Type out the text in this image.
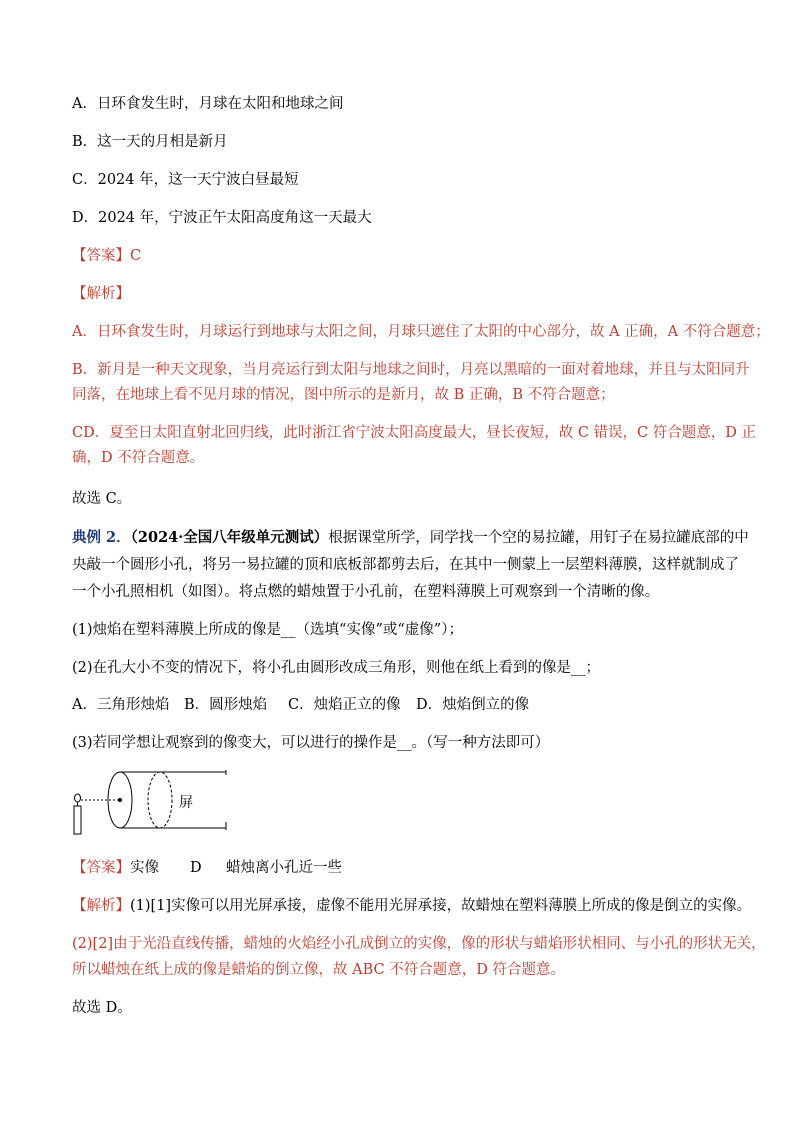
A．日环食发生时，月球在太阳和地球之间
B．这一天的月相是新月
C．2024 年，这一天宁波白昼最短
D．2024 年，宁波正午太阳高度角这一天最大
【答案】C
【解析】
A．日环食发生时，月球运行到地球与太阳之间，月球只遮住了太阳的中心部分，故 A 正确，A 不符合题意；
B．新月是一种天文现象，当月亮运行到太阳与地球之间时，月亮以黑暗的一面对着地球，并且与太阳同升
同落，在地球上看不见月球的情况，图中所示的是新月，故 B 正确，B 不符合题意；
CD．夏至日太阳直射北回归线，此时浙江省宁波太阳高度最大，昼长夜短，故 C 错误，C 符合题意，D 正
确，D 不符合题意。
故选 C。
典例 2．（2024·全国八年级单元测试）根据课堂所学，同学找一个空的易拉罐，用钉子在易拉罐底部的中
央敲一个圆形小孔，将另一易拉罐的顶和底板部都剪去后，在其中一侧蒙上一层塑料薄膜，这样就制成了
一个小孔照相机（如图）。将点燃的蜡烛置于小孔前，在塑料薄膜上可观察到一个清晰的像。
(1)烛焰在塑料薄膜上所成的像是__（选填“实像”或“虚像”）；
(2)在孔大小不变的情况下，将小孔由圆形改成三角形，则他在纸上看到的像是__；
A．三角形烛焰 B．圆形烛焰 C．烛焰正立的像 D．烛焰倒立的像
(3)若同学想让观察到的像变大，可以进行的操作是__。（写一种方法即可）
屏
【答案】实像 D 蜡烛离小孔近一些
【解析】(1)[1]实像可以用光屏承接，虚像不能用光屏承接，故蜡烛在塑料薄膜上所成的像是倒立的实像。
(2)[2]由于光沿直线传播，蜡烛的火焰经小孔成倒立的实像，像的形状与蜡焰形状相同、与小孔的形状无关，
所以蜡烛在纸上成的像是蜡焰的倒立像，故 ABC 不符合题意，D 符合题意。
故选 D。
